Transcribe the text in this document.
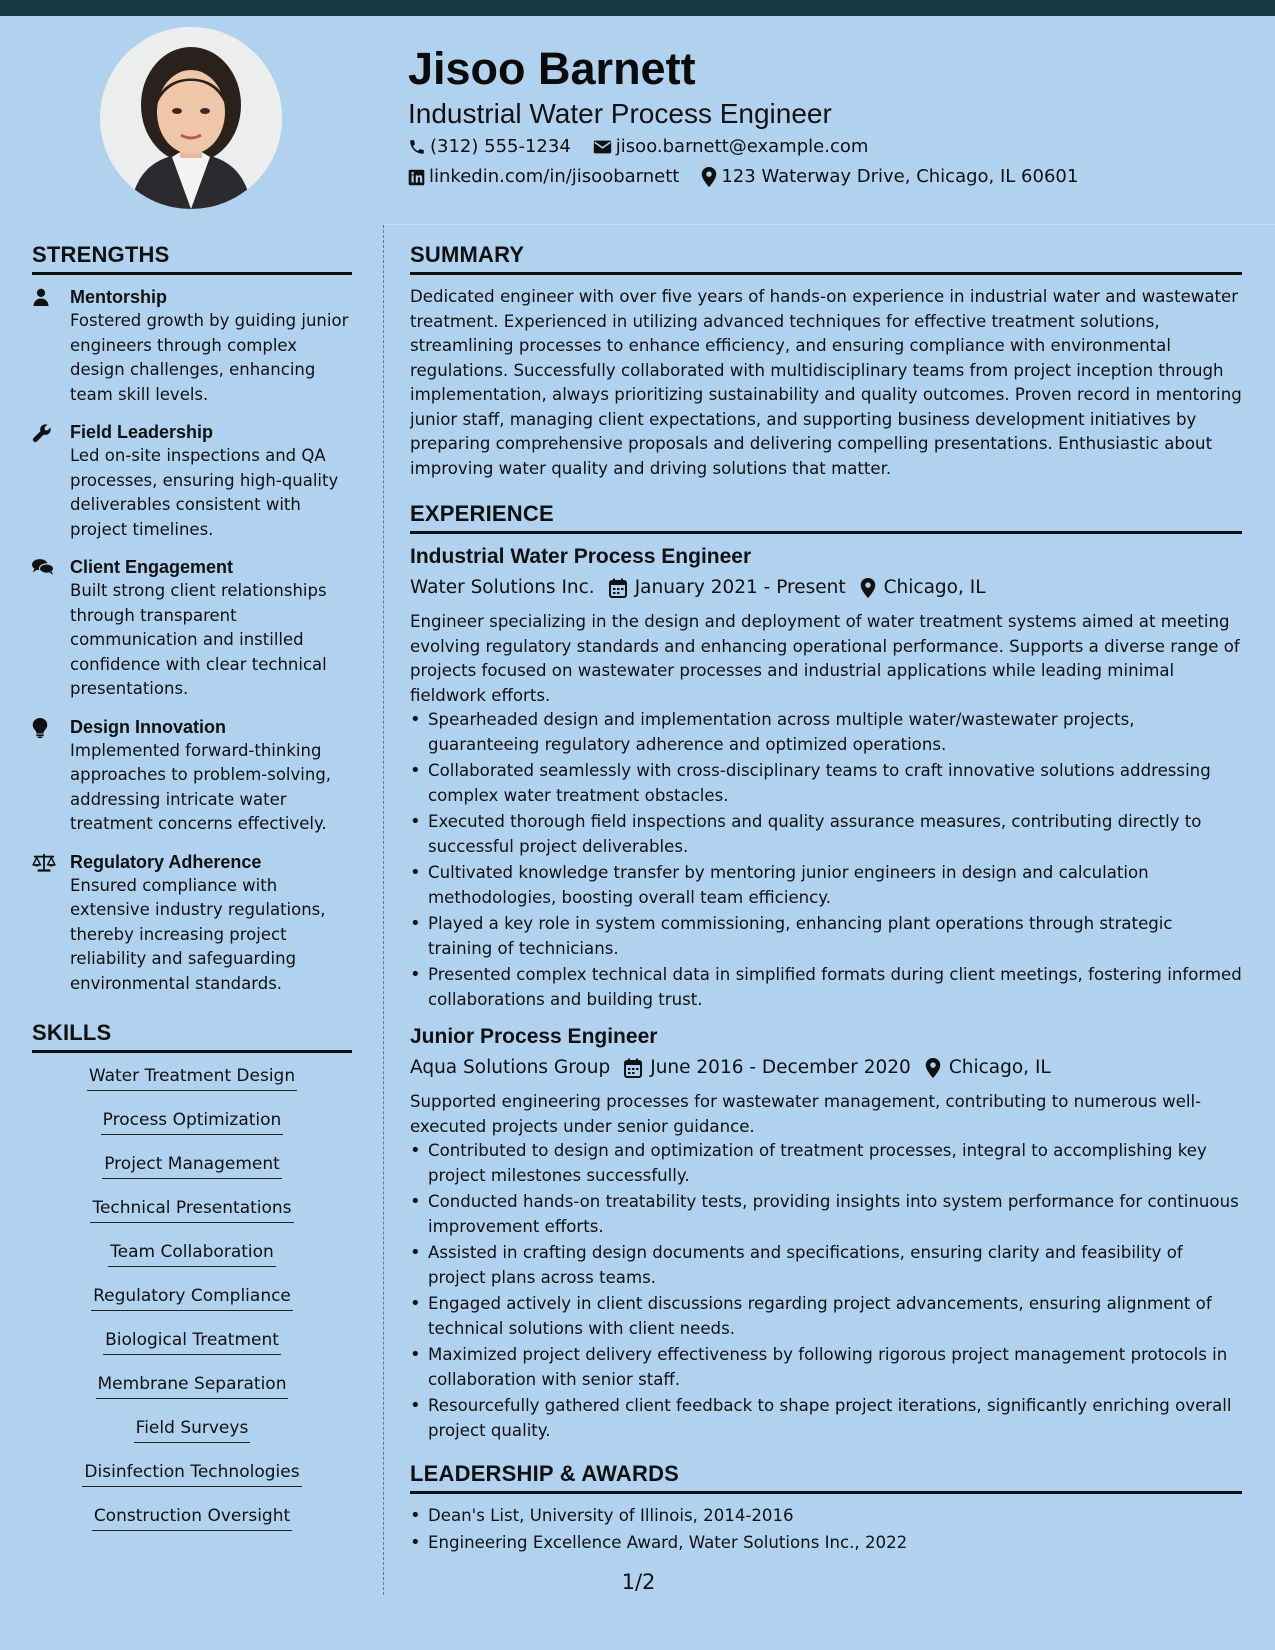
Jisoo Barnett
Industrial Water Process Engineer
(312) 555-1234	jisoo.barnett@example.com
linkedin.com/in/jisoobarnett 123 Waterway Drive, Chicago, IL 60601
STRENGTHS
Mentorship
Fostered growth by guiding junior engineers through complex design challenges, enhancing team skill levels.
Field Leadership
Led on-site inspections and QA processes, ensuring high-quality deliverables consistent with project timelines.
Client Engagement
Built strong client relationships through transparent communication and instilled confidence with clear technical presentations.
Design Innovation
Implemented forward-thinking approaches to problem-solving, addressing intricate water treatment concerns effectively.
Regulatory Adherence
Ensured compliance with extensive industry regulations, thereby increasing project reliability and safeguarding environmental standards.
SKILLS
Water Treatment Design
Process Optimization
Project Management
Technical Presentations
Team Collaboration
Regulatory Compliance
Biological Treatment
Membrane Separation
Field Surveys
Disinfection Technologies
Construction Oversight
SUMMARY
Dedicated engineer with over five years of hands-on experience in industrial water and wastewater treatment. Experienced in utilizing advanced techniques for effective treatment solutions, streamlining processes to enhance efficiency, and ensuring compliance with environmental regulations. Successfully collaborated with multidisciplinary teams from project inception through implementation, always prioritizing sustainability and quality outcomes. Proven record in mentoring junior staff, managing client expectations, and supporting business development initiatives by preparing comprehensive proposals and delivering compelling presentations. Enthusiastic about improving water quality and driving solutions that matter.
EXPERIENCE
Industrial Water Process Engineer
Water Solutions Inc. January 2021 - Present Chicago, IL
Engineer specializing in the design and deployment of water treatment systems aimed at meeting evolving regulatory standards and enhancing operational performance. Supports a diverse range of projects focused on wastewater processes and industrial applications while leading minimal fieldwork efforts.
• Spearheaded design and implementation across multiple water/wastewater projects, guaranteeing regulatory adherence and optimized operations.
• Collaborated seamlessly with cross-disciplinary teams to craft innovative solutions addressing complex water treatment obstacles.
• Executed thorough field inspections and quality assurance measures, contributing directly to successful project deliverables.
• Cultivated knowledge transfer by mentoring junior engineers in design and calculation methodologies, boosting overall team efficiency.
• Played a key role in system commissioning, enhancing plant operations through strategic training of technicians.
• Presented complex technical data in simplified formats during client meetings, fostering informed collaborations and building trust.
Junior Process Engineer
Aqua Solutions Group June 2016 - December 2020 Chicago, IL
Supported engineering processes for wastewater management, contributing to numerous well-executed projects under senior guidance.
• Contributed to design and optimization of treatment processes, integral to accomplishing key project milestones successfully.
• Conducted hands-on treatability tests, providing insights into system performance for continuous improvement efforts.
• Assisted in crafting design documents and specifications, ensuring clarity and feasibility of project plans across teams.
• Engaged actively in client discussions regarding project advancements, ensuring alignment of technical solutions with client needs.
• Maximized project delivery effectiveness by following rigorous project management protocols in collaboration with senior staff.
• Resourcefully gathered client feedback to shape project iterations, significantly enriching overall project quality.
LEADERSHIP & AWARDS
• Dean's List, University of Illinois, 2014-2016
• Engineering Excellence Award, Water Solutions Inc., 2022
1/2
